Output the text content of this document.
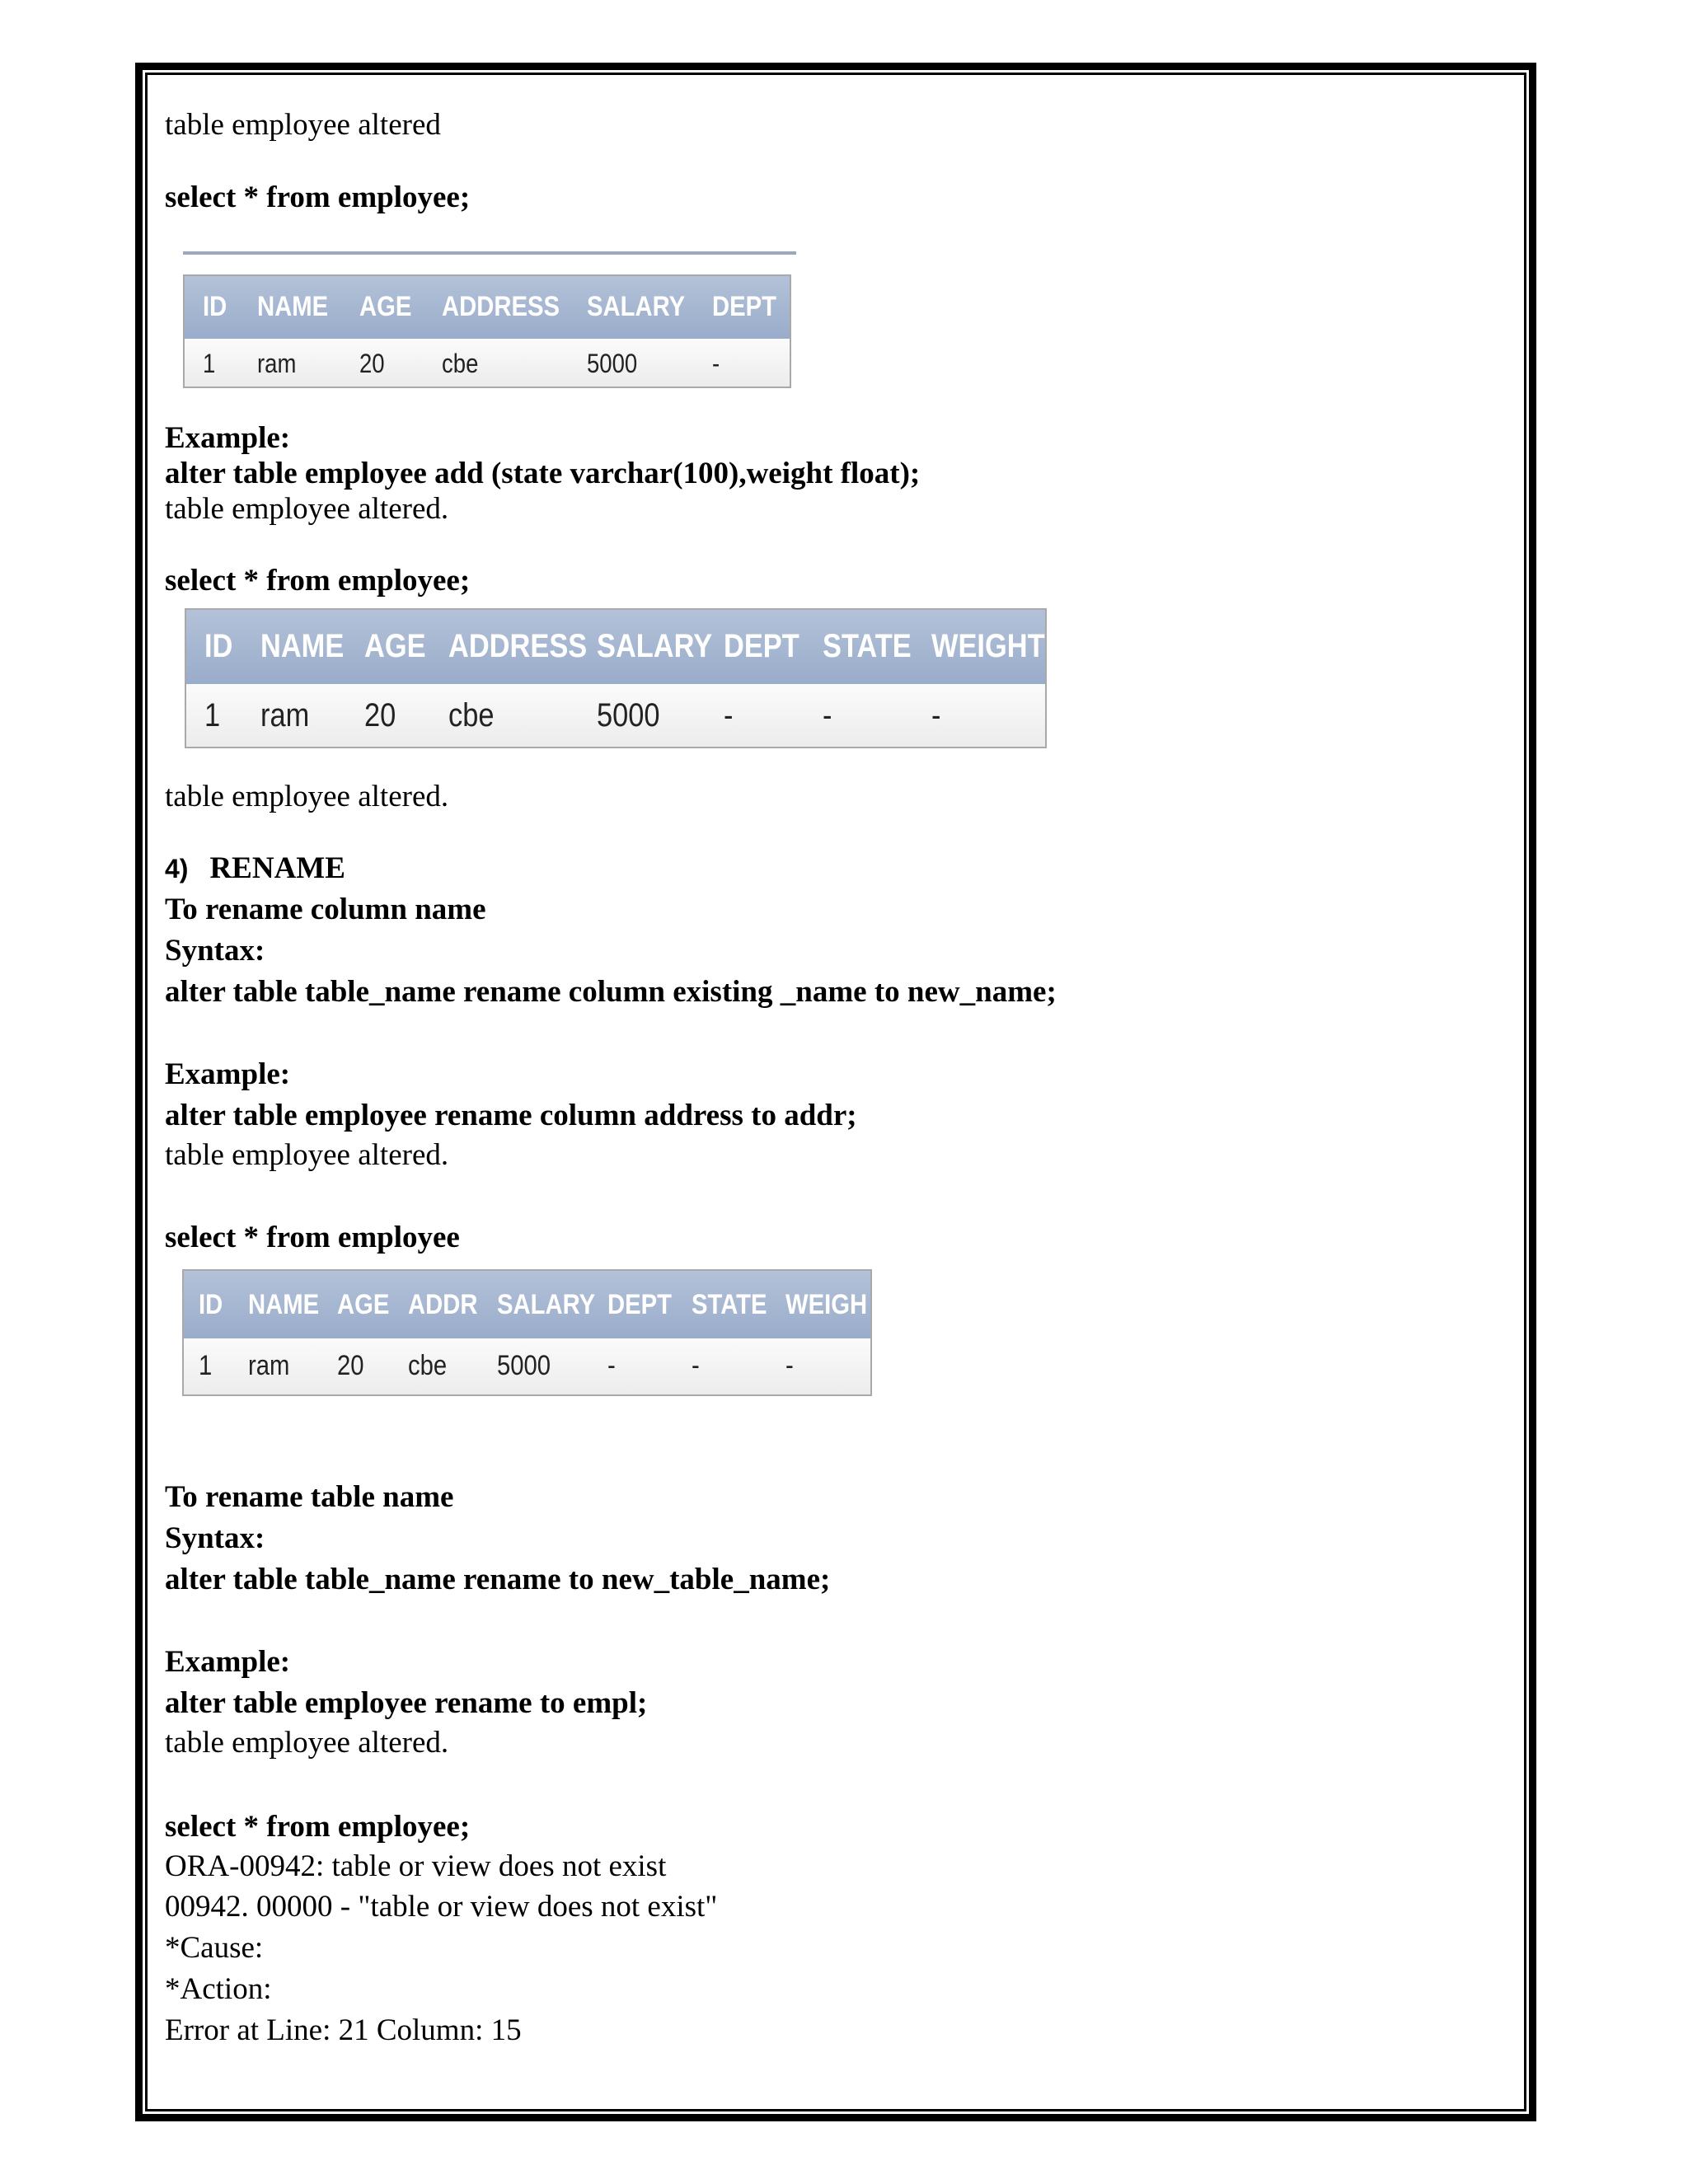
table employee altered
select * from employee;
ID NAME AGE ADDRESS SALARY DEPT
1 ram 20 cbe	5000	-
Example:
alter table employee add (state varchar(100),weight float);
table employee altered.
select * from employee;
ID NAME AGE ADDRESS SALARY DEPT STATE WEIGHT
1 ram 20 cbe	5000 -	-	-
table employee altered.
4) RENAME
To rename column name
Syntax:
alter table table_name rename column existing _name to new_name;
Example:
alter table employee rename column address to addr;
table employee altered.
select * from employee
ID NAME AGE ADDR SALARY DEPT STATE WEIGH
1 ram 20 cbe 5000 -	-	-
To rename table name
Syntax:
alter table table_name rename to new_table_name;
Example:
alter table employee rename to empl;
table employee altered.
select * from employee;
ORA-00942: table or view does not exist
00942. 00000 - "table or view does not exist"
*Cause:
*Action:
Error at Line: 21 Column: 15
